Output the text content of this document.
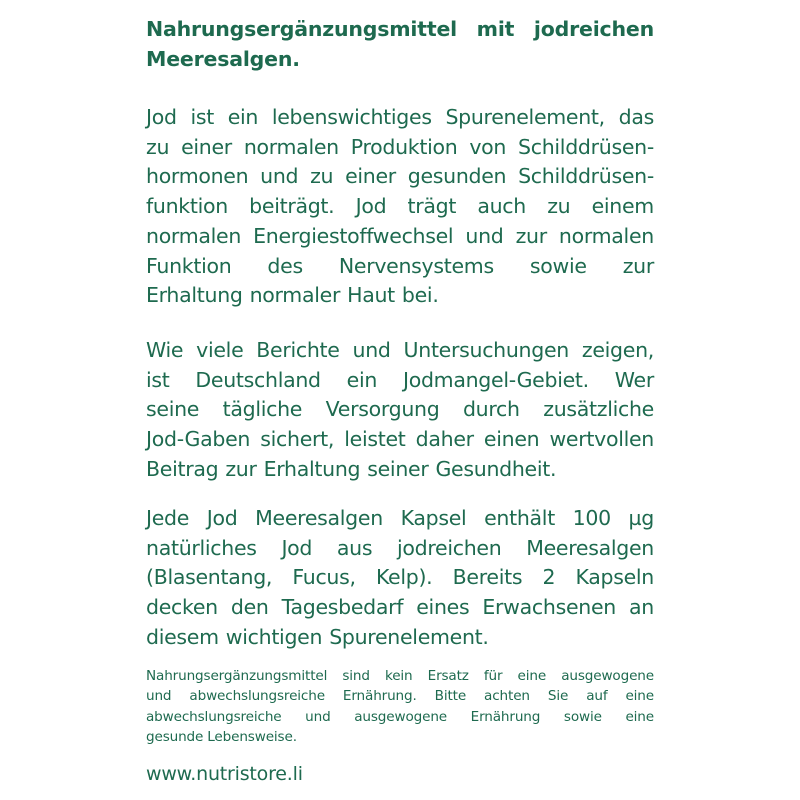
Nahrungsergänzungsmittel mit jodreichen
Meeresalgen.
Jod ist ein lebenswichtiges Spurenelement, das
zu einer normalen Produktion von Schilddrüsen-
hormonen und zu einer gesunden Schilddrüsen-
funktion beiträgt. Jod trägt auch zu einem
normalen Energiestoffwechsel und zur normalen
Funktion des Nervensystems sowie zur
Erhaltung normaler Haut bei.
Wie viele Berichte und Untersuchungen zeigen,
ist Deutschland ein Jodmangel-Gebiet. Wer
seine tägliche Versorgung durch zusätzliche
Jod-Gaben sichert, leistet daher einen wertvollen
Beitrag zur Erhaltung seiner Gesundheit.
Jede Jod Meeresalgen Kapsel enthält 100 µg
natürliches Jod aus jodreichen Meeresalgen
(Blasentang, Fucus, Kelp). Bereits 2 Kapseln
decken den Tagesbedarf eines Erwachsenen an
diesem wichtigen Spurenelement.
Nahrungsergänzungsmittel sind kein Ersatz für eine ausgewogene
und abwechslungsreiche Ernährung. Bitte achten Sie auf eine
abwechslungsreiche und ausgewogene Ernährung sowie eine
gesunde Lebensweise.
www.nutristore.li
